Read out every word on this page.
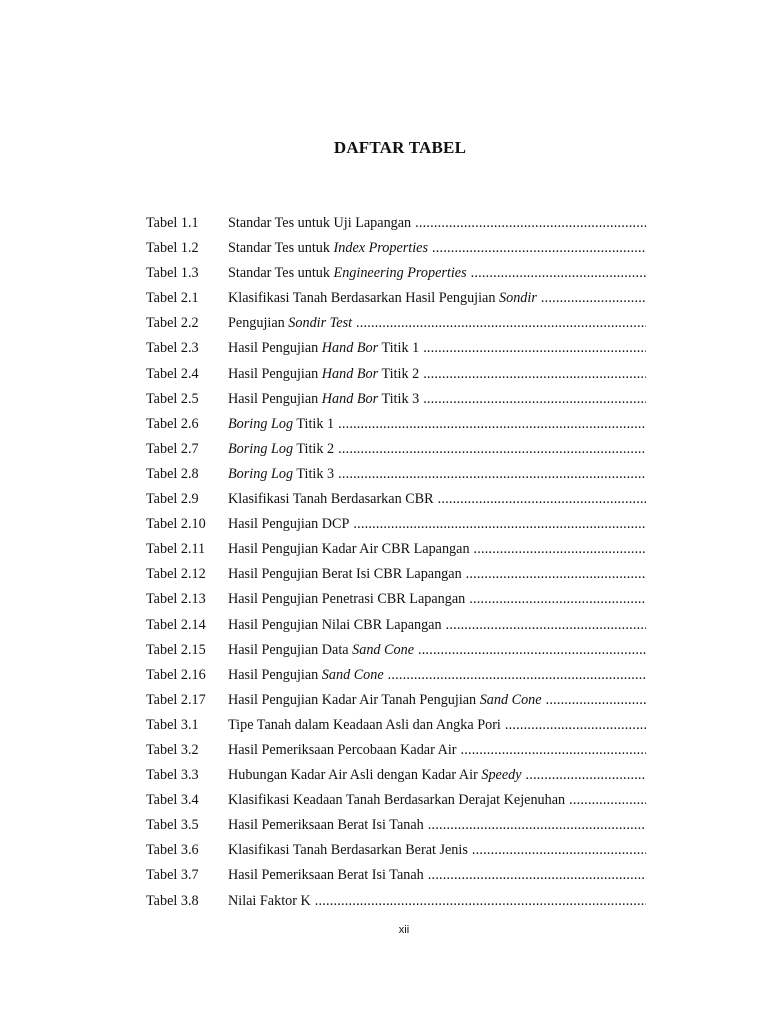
DAFTAR TABEL
Tabel 1.1	Standar Tes untuk Uji Lapangan
.....
Tabel 1.2	Standar Tes untuk Index Properties
.....
Tabel 1.3	Standar Tes untuk Engineering Properties
.....
Tabel 2.1	Klasifikasi Tanah Berdasarkan Hasil Pengujian Sondir
.....
Tabel 2.2	Pengujian Sondir Test
.....
Tabel 2.3	Hasil Pengujian Hand Bor Titik 1
.....
Tabel 2.4	Hasil Pengujian Hand Bor Titik 2
.....
Tabel 2.5	Hasil Pengujian Hand Bor Titik 3
.....
Tabel 2.6	Boring Log Titik 1
.....
Tabel 2.7	Boring Log Titik 2
.....
Tabel 2.8	Boring Log Titik 3
.....
Tabel 2.9	Klasifikasi Tanah Berdasarkan CBR
.....
Tabel 2.10	Hasil Pengujian DCP
.....
Tabel 2.11	Hasil Pengujian Kadar Air CBR Lapangan
.....
Tabel 2.12	Hasil Pengujian Berat Isi CBR Lapangan
.....
Tabel 2.13	Hasil Pengujian Penetrasi CBR Lapangan
.....
Tabel 2.14	Hasil Pengujian Nilai CBR Lapangan
.....
Tabel 2.15	Hasil Pengujian Data Sand Cone
.....
Tabel 2.16	Hasil Pengujian Sand Cone
.....
Tabel 2.17	Hasil Pengujian Kadar Air Tanah Pengujian Sand Cone
.....
Tabel 3.1	Tipe Tanah dalam Keadaan Asli dan Angka Pori
.....
Tabel 3.2	Hasil Pemeriksaan Percobaan Kadar Air
.....
Tabel 3.3	Hubungan Kadar Air Asli dengan Kadar Air Speedy
.....
Tabel 3.4	Klasifikasi Keadaan Tanah Berdasarkan Derajat Kejenuhan
.....
Tabel 3.5	Hasil Pemeriksaan Berat Isi Tanah
.....
Tabel 3.6	Klasifikasi Tanah Berdasarkan Berat Jenis
.....
Tabel 3.7	Hasil Pemeriksaan Berat Isi Tanah
.....
Tabel 3.8	Nilai Faktor K
.....
xii
